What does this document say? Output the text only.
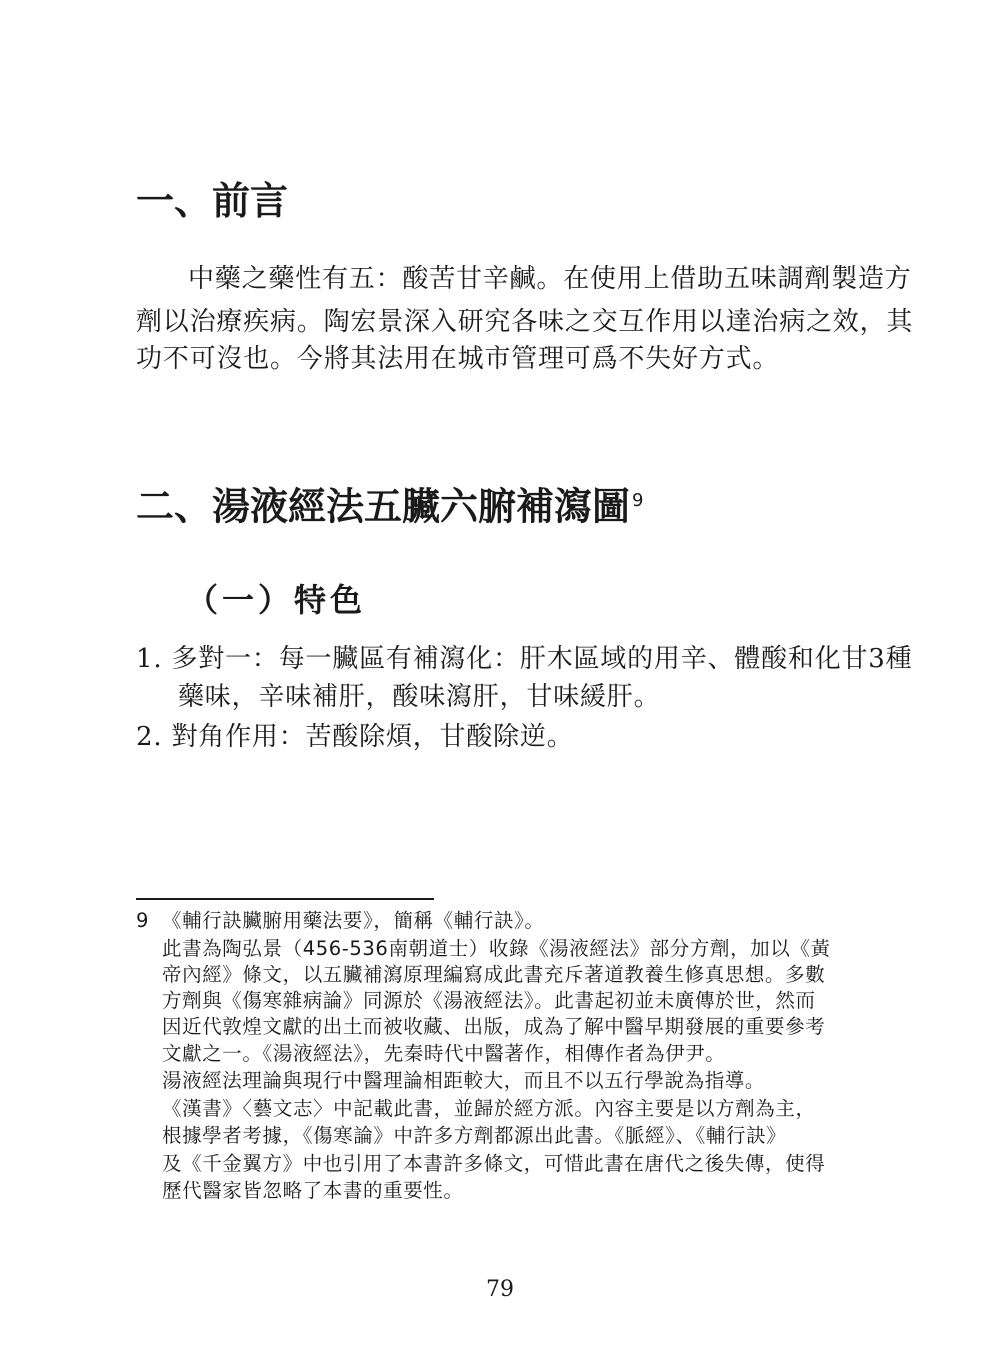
一、前言
中藥之藥性有五：酸苦甘辛鹹。在使用上借助五味調劑製造方
劑以治療疾病。陶宏景深入研究各味之交互作用以達治病之效，其
功不可沒也。今將其法用在城市管理可爲不失好方式。
二、湯液經法五臟六腑補瀉圖 $^9$
（一）特色
1. 多對一：每一臟區有補瀉化：肝木區域的用辛、體酸和化甘3種
藥味，辛味補肝，酸味瀉肝，甘味緩肝。
2. 對角作用：苦酸除煩，甘酸除逆。
9 《輔行訣臟腑用藥法要》，簡稱《輔行訣》。
此書為陶弘景（456-536南朝道士）收錄《湯液經法》部分方劑，加以《黃
帝內經》條文，以五臟補瀉原理編寫成此書充斥著道教養生修真思想。多數
方劑與《傷寒雜病論》同源於《湯液經法》。此書起初並未廣傳於世，然而
因近代敦煌文獻的出土而被收藏、出版，成為了解中醫早期發展的重要參考
文獻之一。《湯液經法》，先秦時代中醫著作，相傳作者為伊尹。
湯液經法理論與現行中醫理論相距較大，而且不以五行學說為指導。
《漢書》〈藝文志〉中記載此書，並歸於經方派。內容主要是以方劑為主，
根據學者考據，《傷寒論》中許多方劑都源出此書。《脈經》、《輔行訣》
及《千金翼方》中也引用了本書許多條文，可惜此書在唐代之後失傳，使得
歷代醫家皆忽略了本書的重要性。
79
